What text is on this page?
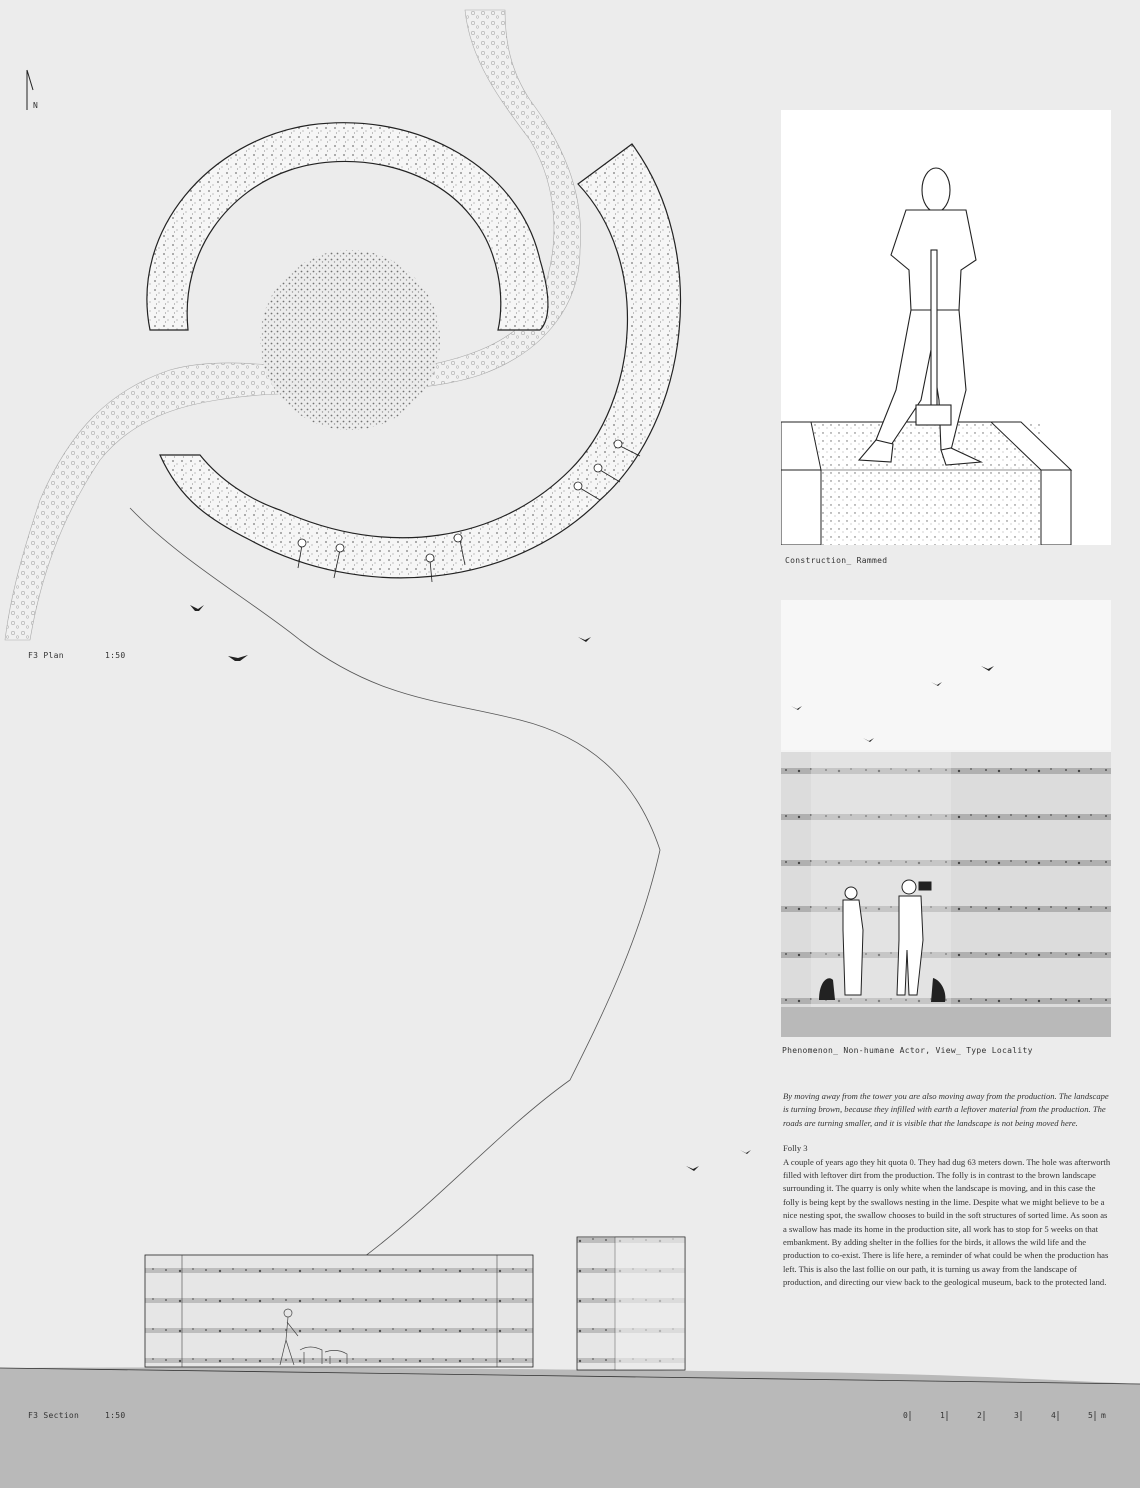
N
F3 Plan	1:50
Construction_ Rammed
Phenomenon_ Non-humane Actor, View_ Type Locality

By moving away from the tower you are also moving away from the production. The landscape is turning brown, because they infilled with earth a leftover material from the production. The roads are turning smaller, and it is visible that the landscape is not being moved here.

Folly 3

A couple of years ago they hit quota 0. They had dug 63 meters down. The hole was afterworth filled with leftover dirt from the production. The folly is in contrast to the brown landscape surrounding it. The quarry is only white when the landscape is moving, and in this case the folly is being kept by the swallows nesting in the lime. Despite what we might believe to be a nice nesting spot, the swallow chooses to build in the soft structures of sorted lime. As soon as a swallow has made its home in the production site, all work has to stop for 5 weeks on that embankment. By adding shelter in the follies for the birds, it allows the wild life and the production to co-exist. There is life here, a reminder of what could be when the production has left. This is also the last follie on our path, it is turning us away from the landscape of production, and directing our view back to the geological museum, back to the protected land.

F3 Section	1:50	0	1	2	3	4	5 m
